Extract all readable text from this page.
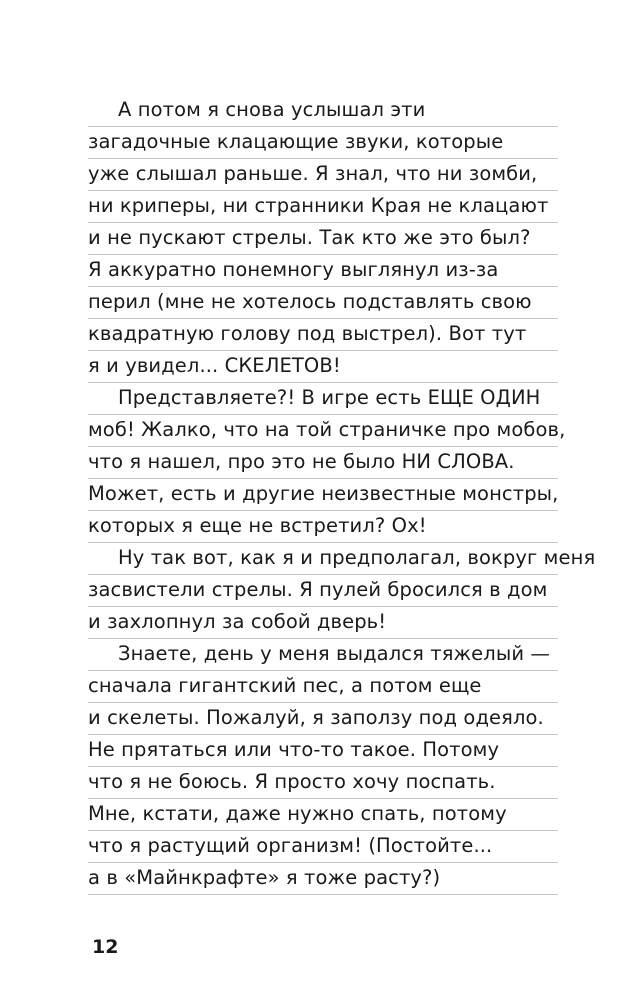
А потом я снова услышал эти
загадочные клацающие звуки, которые
уже слышал раньше. Я знал, что ни зомби,
ни криперы, ни странники Края не клацают
и не пускают стрелы. Так кто же это был?
Я аккуратно понемногу выглянул из-за
перил (мне не хотелось подставлять свою
квадратную голову под выстрел). Вот тут
я и увидел... СКЕЛЕТОВ!
Представляете?! В игре есть ЕЩЕ ОДИН
моб! Жалко, что на той страничке про мобов,
что я нашел, про это не было НИ СЛОВА.
Может, есть и другие неизвестные монстры,
которых я еще не встретил? Ох!
Ну так вот, как я и предполагал, вокруг меня
засвистели стрелы. Я пулей бросился в дом
и захлопнул за собой дверь!
Знаете, день у меня выдался тяжелый —
сначала гигантский пес, а потом еще
и скелеты. Пожалуй, я заползу под одеяло.
Не прятаться или что-то такое. Потому
что я не боюсь. Я просто хочу поспать.
Мне, кстати, даже нужно спать, потому
что я растущий организм! (Постойте...
а в «Майнкрафте» я тоже расту?)
12
